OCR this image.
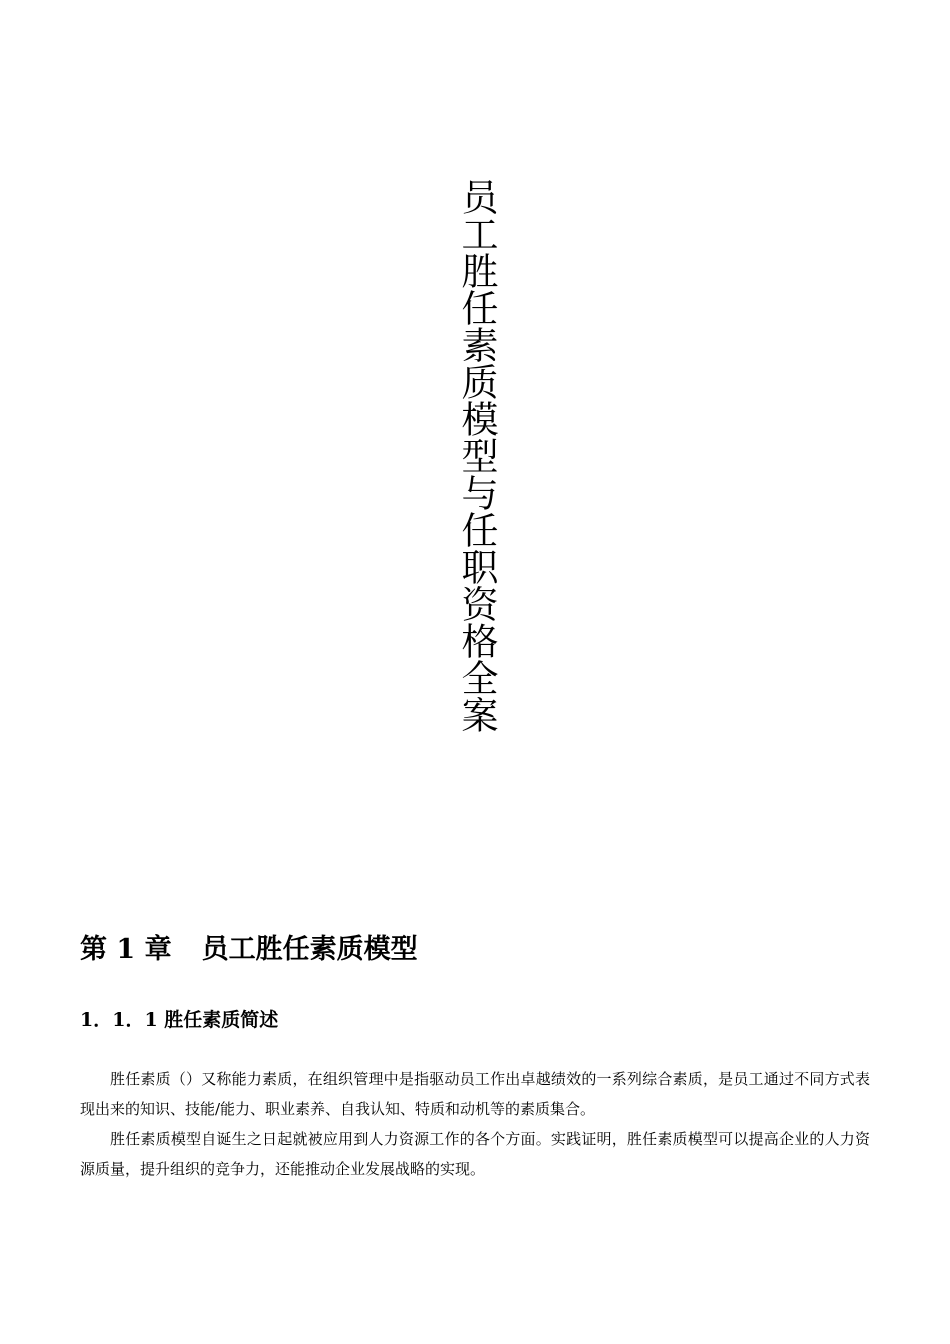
员工胜任素质模型与任职资格全案
第 1 章 员工胜任素质模型
1．1．1 胜任素质简述

胜任素质（）又称能力素质，在组织管理中是指驱动员工作出卓越绩效的一系列综合素质，是员工通过不同方式表现出来的知识、技能/能力、职业素养、自我认知、特质和动机等的素质集合。

胜任素质模型自诞生之日起就被应用到人力资源工作的各个方面。实践证明，胜任素质模型可以提高企业的人力资源质量，提升组织的竞争力，还能推动企业发展战略的实现。
